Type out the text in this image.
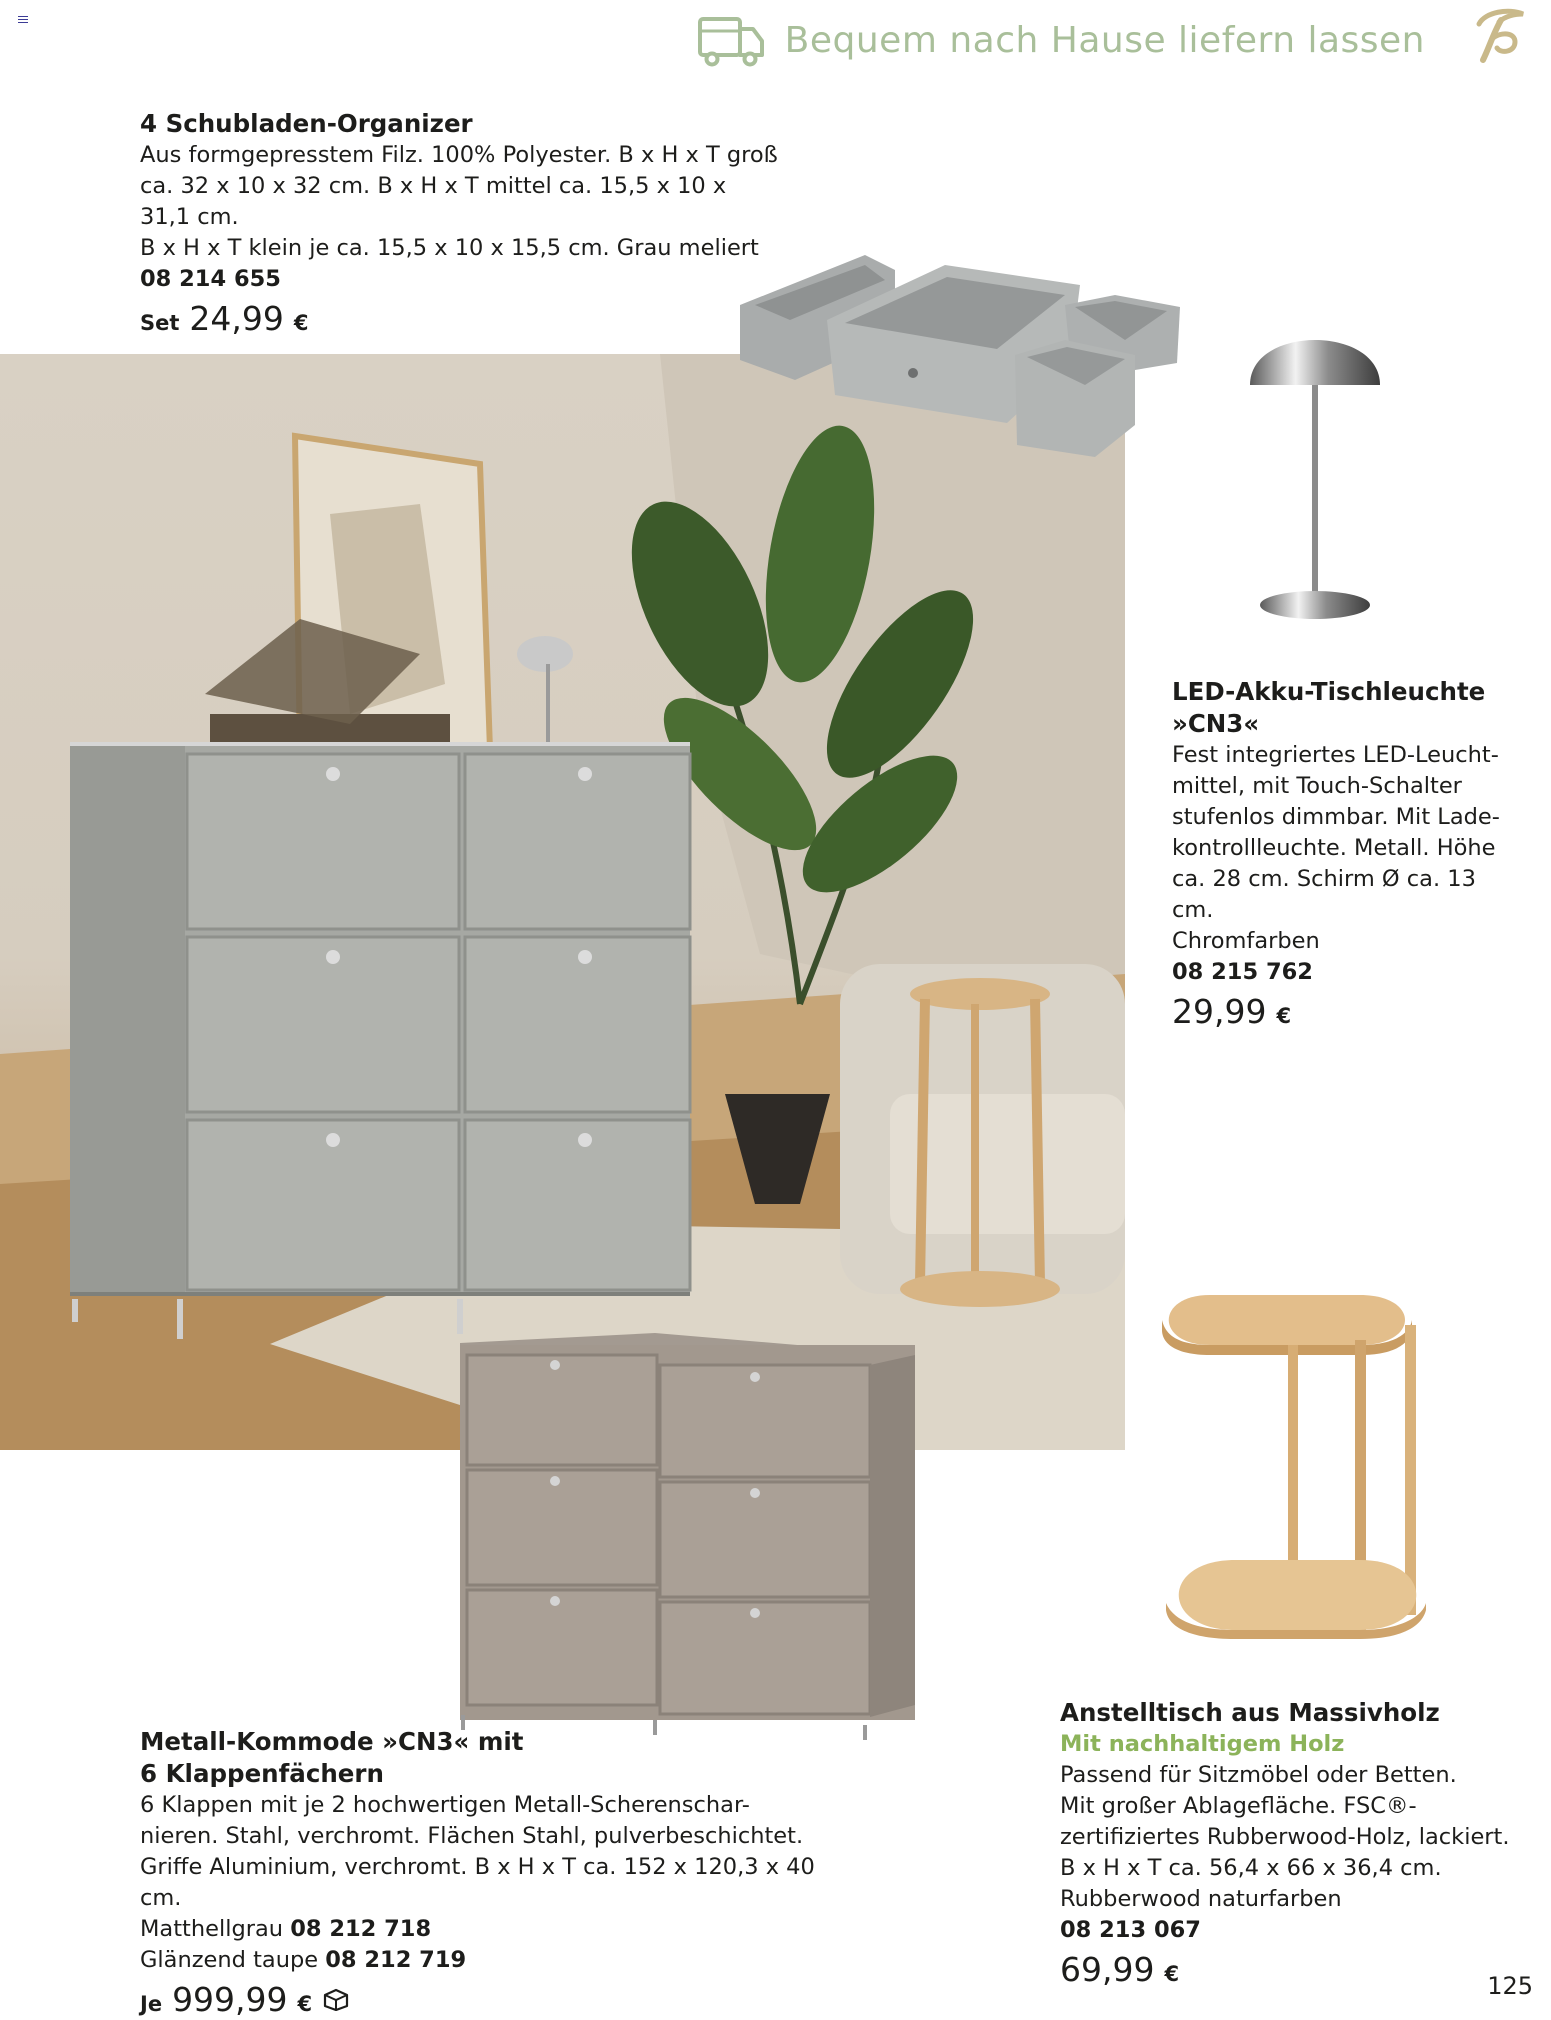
Bequem nach Hause liefern lassen
4 Schubladen-Organizer
Aus formgepresstem Filz. 100% Polyester. B x H x T groß
ca. 32 x 10 x 32 cm. B x H x T mittel ca. 15,5 x 10 x 31,1 cm.
B x H x T klein je ca. 15,5 x 10 x 15,5 cm. Grau meliert
08 214 655
Set 24,99 €
LED-Akku-Tischleuchte
»CN3«
Fest integriertes LED-Leucht-
mittel, mit Touch-Schalter
stufenlos dimmbar. Mit Lade-
kontrollleuchte. Metall. Höhe
ca. 28 cm. Schirm Ø ca. 13 cm.
Chromfarben
08 215 762
29,99 €
Metall-Kommode »CN3« mit
6 Klappenfächern
6 Klappen mit je 2 hochwertigen Metall-Scherenschar-
nieren. Stahl, verchromt. Flächen Stahl, pulverbeschichtet.
Griffe Aluminium, verchromt. B x H x T ca. 152 x 120,3 x 40 cm.
Matthellgrau 08 212 718
Glänzend taupe 08 212 719
Je 999,99 €
Anstelltisch aus Massivholz
Mit nachhaltigem Holz
Passend für Sitzmöbel oder Betten.
Mit großer Ablagefläche. FSC®-
zertifiziertes Rubberwood-Holz, lackiert.
B x H x T ca. 56,4 x 66 x 36,4 cm.
Rubberwood naturfarben
08 213 067
69,99 €	125
